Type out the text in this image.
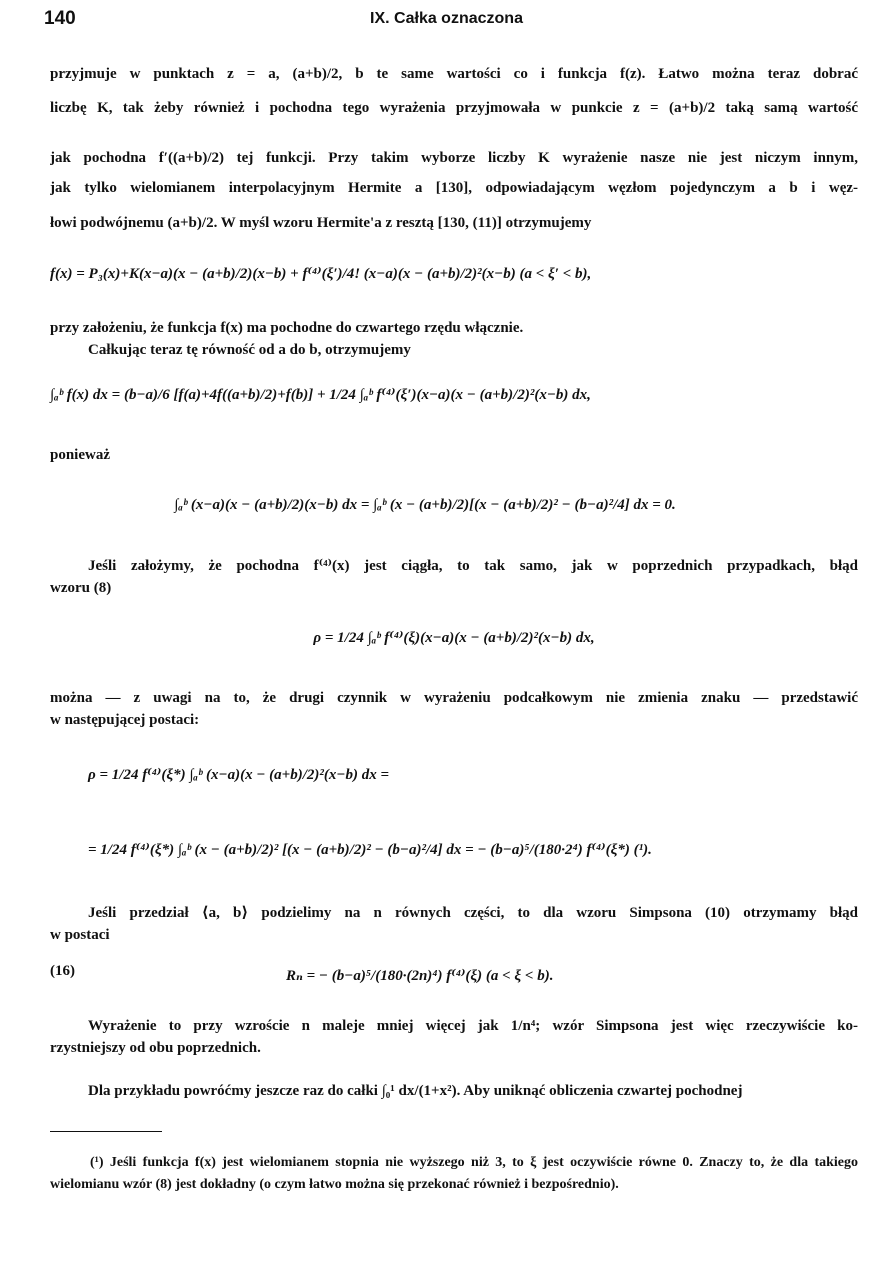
140	IX. Całka oznaczona
przyjmuje w punktach z = a, (a+b)/2, b te same wartości co i funkcja f(z). Łatwo można teraz dobrać
liczbę K, tak żeby również i pochodna tego wyrażenia przyjmowała w punkcie z = (a+b)/2 taką samą wartość
jak pochodna f′((a+b)/2) tej funkcji. Przy takim wyborze liczby K wyrażenie nasze nie jest niczym innym,
jak tylko wielomianem interpolacyjnym Hermite a [130], odpowiadającym węzłom pojedynczym a b i węz-
łowi podwójnemu (a+b)/2. W myśl wzoru Hermite'a z resztą [130, (11)] otrzymujemy
f(x) = P₃(x)+K(x−a)(x − (a+b)/2)(x−b) + f⁽⁴⁾(ξ′)/4! (x−a)(x − (a+b)/2)²(x−b) (a < ξ′ < b),
przy założeniu, że funkcja f(x) ma pochodne do czwartego rzędu włącznie.
Całkując teraz tę równość od a do b, otrzymujemy
∫ₐᵇ f(x) dx = (b−a)/6 [f(a)+4f((a+b)/2)+f(b)] + 1/24 ∫ₐᵇ f⁽⁴⁾(ξ′)(x−a)(x − (a+b)/2)²(x−b) dx,
ponieważ
∫ₐᵇ (x−a)(x − (a+b)/2)(x−b) dx = ∫ₐᵇ (x − (a+b)/2)[(x − (a+b)/2)² − (b−a)²/4] dx = 0.
Jeśli założymy, że pochodna f⁽⁴⁾(x) jest ciągła, to tak samo, jak w poprzednich przypadkach, błąd
wzoru (8)
ρ = 1/24 ∫ₐᵇ f⁽⁴⁾(ξ)(x−a)(x − (a+b)/2)²(x−b) dx,
można — z uwagi na to, że drugi czynnik w wyrażeniu podcałkowym nie zmienia znaku — przedstawić
w następującej postaci:
ρ = 1/24 f⁽⁴⁾(ξ*) ∫ₐᵇ (x−a)(x − (a+b)/2)²(x−b) dx =
= 1/24 f⁽⁴⁾(ξ*) ∫ₐᵇ (x − (a+b)/2)² [(x − (a+b)/2)² − (b−a)²/4] dx = − (b−a)⁵/(180·2⁴) f⁽⁴⁾(ξ*) (¹).
Jeśli przedział ⟨a, b⟩ podzielimy na n równych części, to dla wzoru Simpsona (10) otrzymamy błąd
w postaci
(16)	Rₙ = − (b−a)⁵/(180·(2n)⁴) f⁽⁴⁾(ξ) (a < ξ < b).
Wyrażenie to przy wzroście n maleje mniej więcej jak 1/n⁴; wzór Simpsona jest więc rzeczywiście ko-
rzystniejszy od obu poprzednich.
Dla przykładu powróćmy jeszcze raz do całki ∫₀¹ dx/(1+x²). Aby uniknąć obliczenia czwartej pochodnej
(¹) Jeśli funkcja f(x) jest wielomianem stopnia nie wyższego niż 3, to ξ jest oczywiście równe 0. Znaczy to, że dla takiego wielomianu wzór (8) jest dokładny (o czym łatwo można się przekonać również i bezpośrednio).
